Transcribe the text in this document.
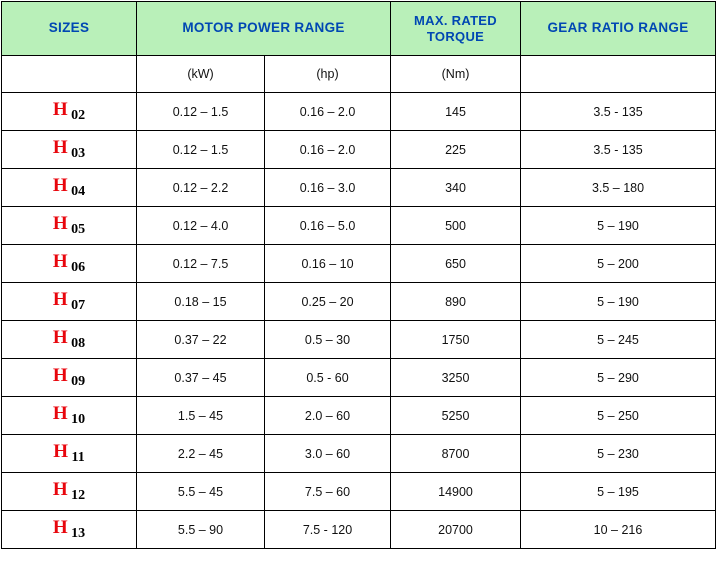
SIZES	MOTOR POWER RANGE		MAX. RATED TORQUE	GEAR RATIO RANGE
	(kW)	(hp)	(Nm)	
H 02	0.12 – 1.5	0.16 – 2.0	145	3.5 - 135
H 03	0.12 – 1.5	0.16 – 2.0	225	3.5 - 135
H 04	0.12 – 2.2	0.16 – 3.0	340	3.5 – 180
H 05	0.12 – 4.0	0.16 – 5.0	500	5 – 190
H 06	0.12 – 7.5	0.16 – 10	650	5 – 200
H 07	0.18 – 15	0.25 – 20	890	5 – 190
H 08	0.37 – 22	0.5 – 30	1750	5 – 245
H 09	0.37 – 45	0.5 - 60	3250	5 – 290
H 10	1.5 – 45	2.0 – 60	5250	5 – 250
H 11	2.2 – 45	3.0 – 60	8700	5 – 230
H 12	5.5 – 45	7.5 – 60	14900	5 – 195
H 13	5.5 – 90	7.5 - 120	20700	10 – 216
